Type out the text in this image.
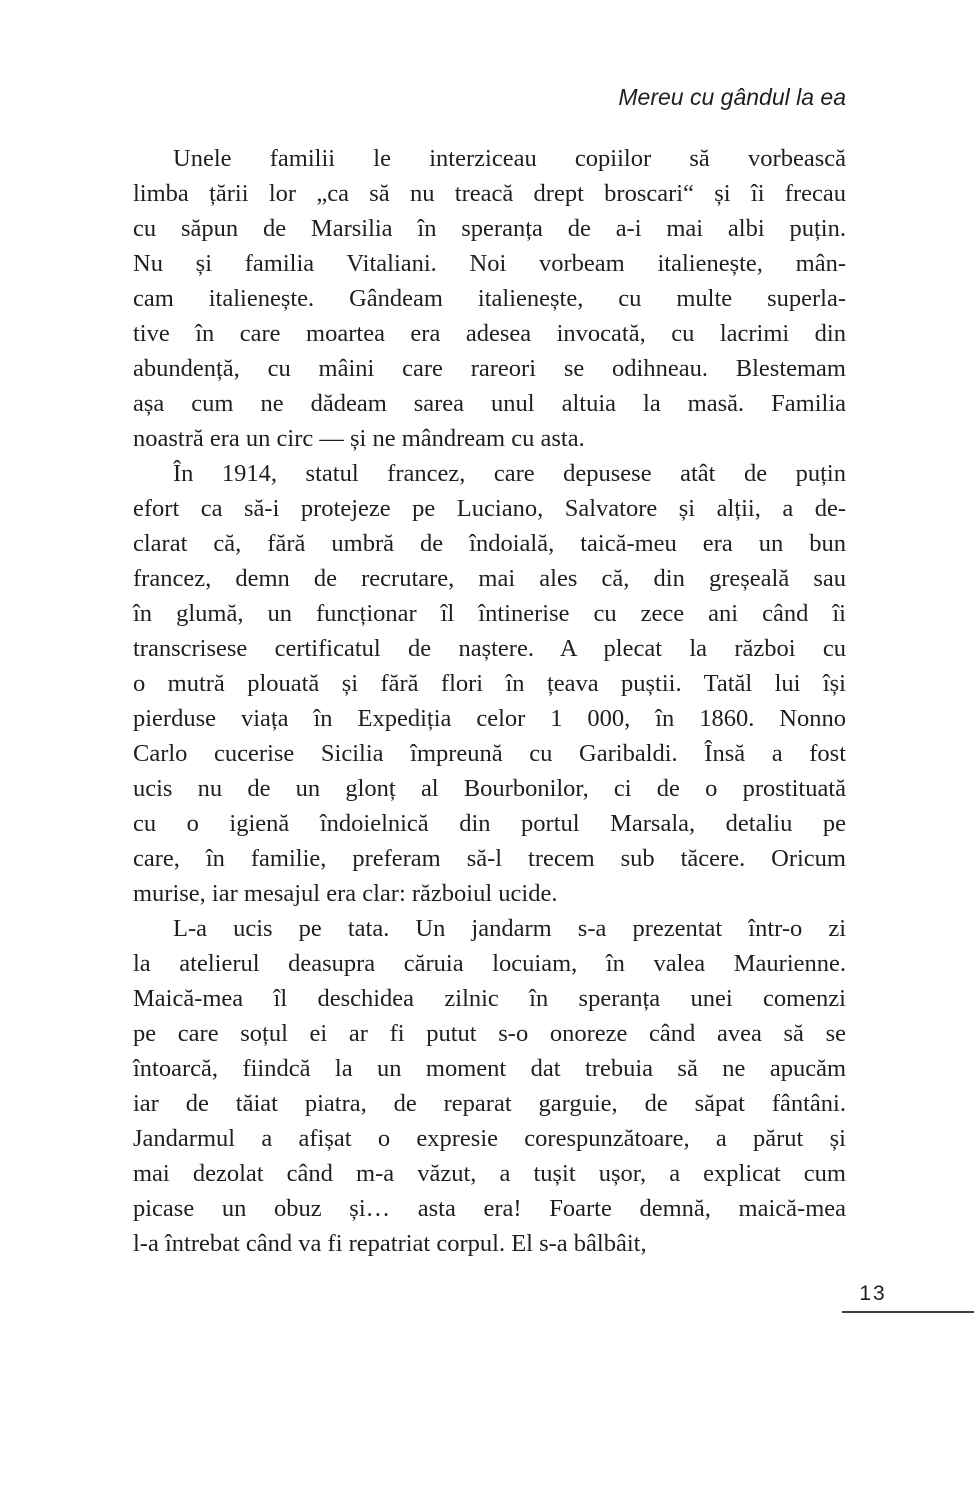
Mereu cu gândul la ea
Unele familii le interziceau copiilor să vorbească
limba țării lor „ca să nu treacă drept broscari“ și îi frecau
cu săpun de Marsilia în speranța de a-i mai albi puțin.
Nu și familia Vitaliani. Noi vorbeam italienește, mân-
cam italienește. Gândeam italienește, cu multe superla-
tive în care moartea era adesea invocată, cu lacrimi din
abundență, cu mâini care rareori se odihneau. Blestemam
așa cum ne dădeam sarea unul altuia la masă. Familia
noastră era un circ — și ne mândream cu asta.
În 1914, statul francez, care depusese atât de puțin
efort ca să-i protejeze pe Luciano, Salvatore și alții, a de-
clarat că, fără umbră de îndoială, taică-meu era un bun
francez, demn de recrutare, mai ales că, din greșeală sau
în glumă, un funcționar îl întinerise cu zece ani când îi
transcrisese certificatul de naștere. A plecat la război cu
o mutră plouată și fără flori în țeava puștii. Tatăl lui își
pierduse viața în Expediția celor 1 000, în 1860. Nonno
Carlo cucerise Sicilia împreună cu Garibaldi. Însă a fost
ucis nu de un glonț al Bourbonilor, ci de o prostituată
cu o igienă îndoielnică din portul Marsala, detaliu pe
care, în familie, preferam să-l trecem sub tăcere. Oricum
murise, iar mesajul era clar: războiul ucide.
L-a ucis pe tata. Un jandarm s-a prezentat într-o zi
la atelierul deasupra căruia locuiam, în valea Maurienne.
Maică-mea îl deschidea zilnic în speranța unei comenzi
pe care soțul ei ar fi putut s-o onoreze când avea să se
întoarcă, fiindcă la un moment dat trebuia să ne apucăm
iar de tăiat piatra, de reparat garguie, de săpat fântâni.
Jandarmul a afișat o expresie corespunzătoare, a părut și
mai dezolat când m-a văzut, a tușit ușor, a explicat cum
picase un obuz și… asta era! Foarte demnă, maică-mea
l-a întrebat când va fi repatriat corpul. El s-a bâlbâit,
13
